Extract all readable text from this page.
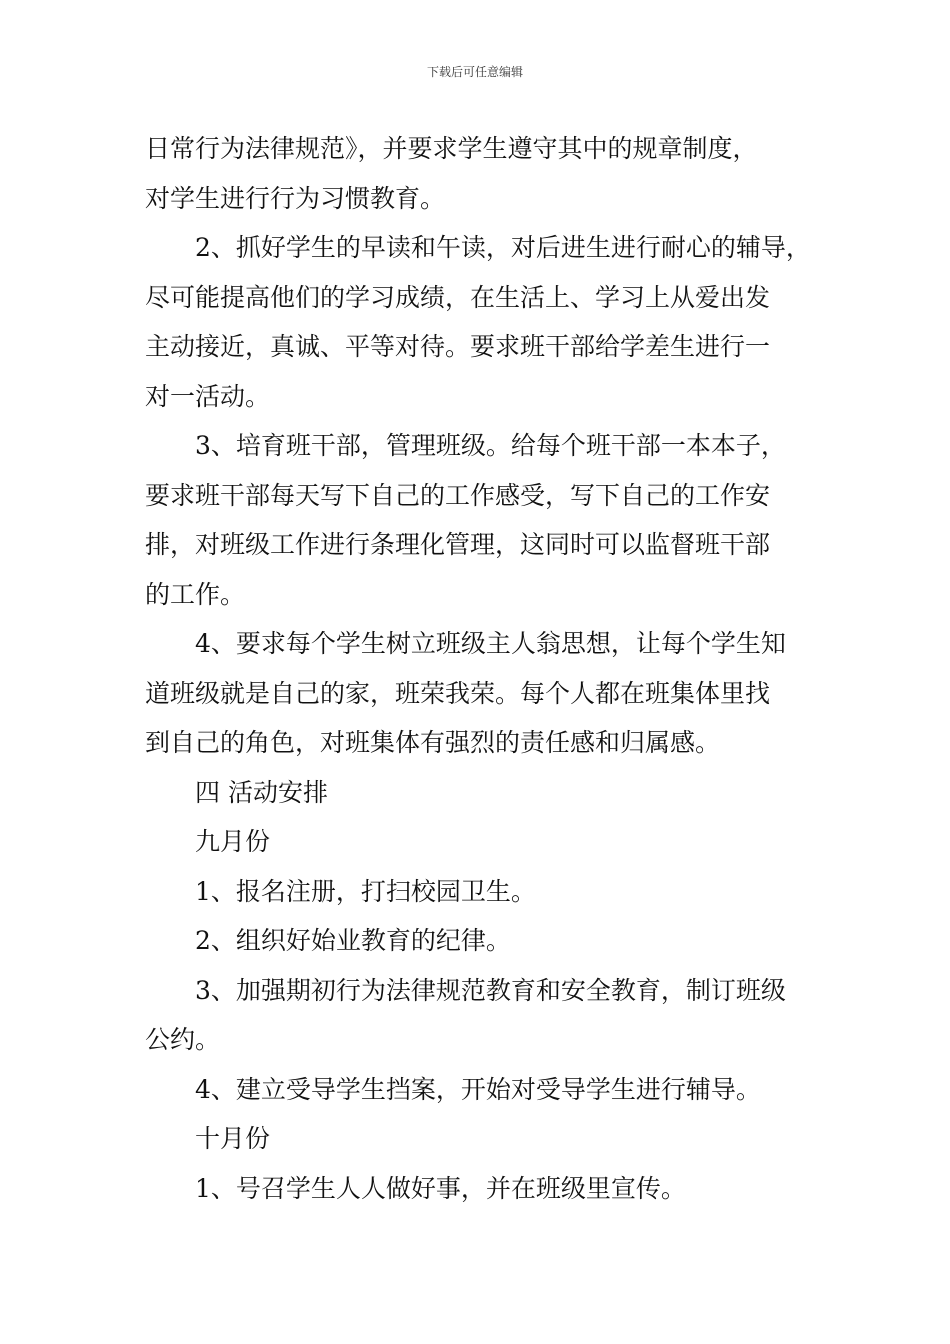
下载后可任意编辑
日常行为法律规范》，并要求学生遵守其中的规章制度，
对学生进行行为习惯教育。
2、抓好学生的早读和午读，对后进生进行耐心的辅导，
尽可能提高他们的学习成绩，在生活上、学习上从爱出发
主动接近，真诚、平等对待。要求班干部给学差生进行一
对一活动。
3、培育班干部，管理班级。给每个班干部一本本子，
要求班干部每天写下自己的工作感受，写下自己的工作安
排，对班级工作进行条理化管理，这同时可以监督班干部
的工作。
4、要求每个学生树立班级主人翁思想，让每个学生知
道班级就是自己的家，班荣我荣。每个人都在班集体里找
到自己的角色，对班集体有强烈的责任感和归属感。
四 活动安排
九月份
1、报名注册，打扫校园卫生。
2、组织好始业教育的纪律。
3、加强期初行为法律规范教育和安全教育，制订班级
公约。
4、建立受导学生挡案，开始对受导学生进行辅导。
十月份
1、号召学生人人做好事，并在班级里宣传。
